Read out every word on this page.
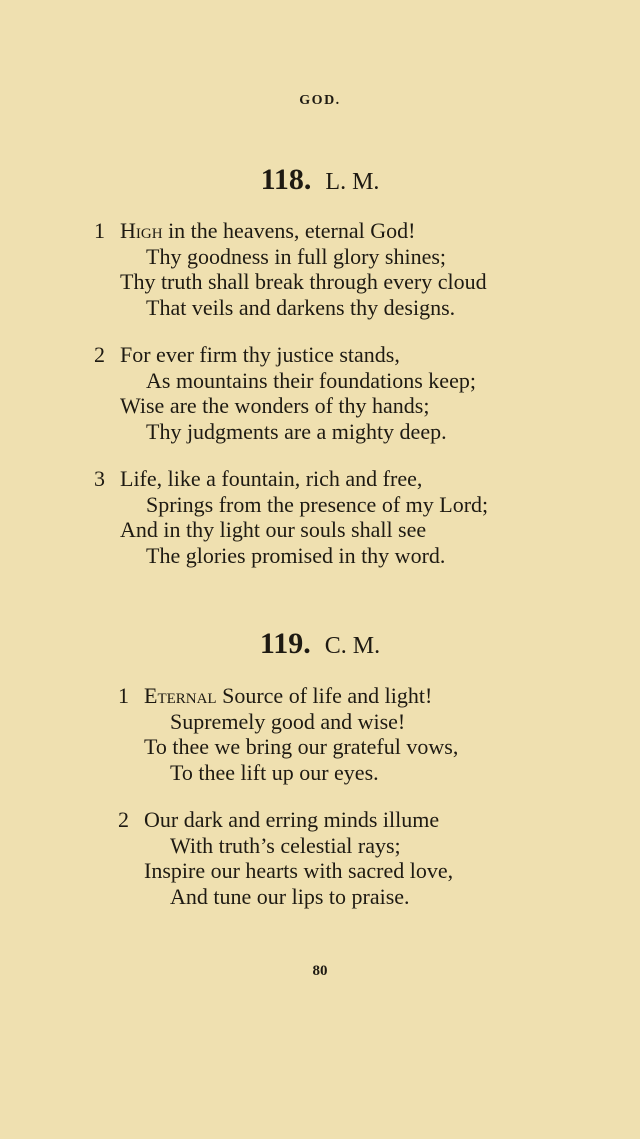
GOD.
118. L. M.
1 High in the heavens, eternal God!
Thy goodness in full glory shines;
Thy truth shall break through every cloud
That veils and darkens thy designs.
2 For ever firm thy justice stands,
As mountains their foundations keep;
Wise are the wonders of thy hands;
Thy judgments are a mighty deep.
3 Life, like a fountain, rich and free,
Springs from the presence of my Lord;
And in thy light our souls shall see
The glories promised in thy word.
119. C. M.
1 Eternal Source of life and light!
Supremely good and wise!
To thee we bring our grateful vows,
To thee lift up our eyes.
2 Our dark and erring minds illume
With truth’s celestial rays;
Inspire our hearts with sacred love,
And tune our lips to praise.
80
